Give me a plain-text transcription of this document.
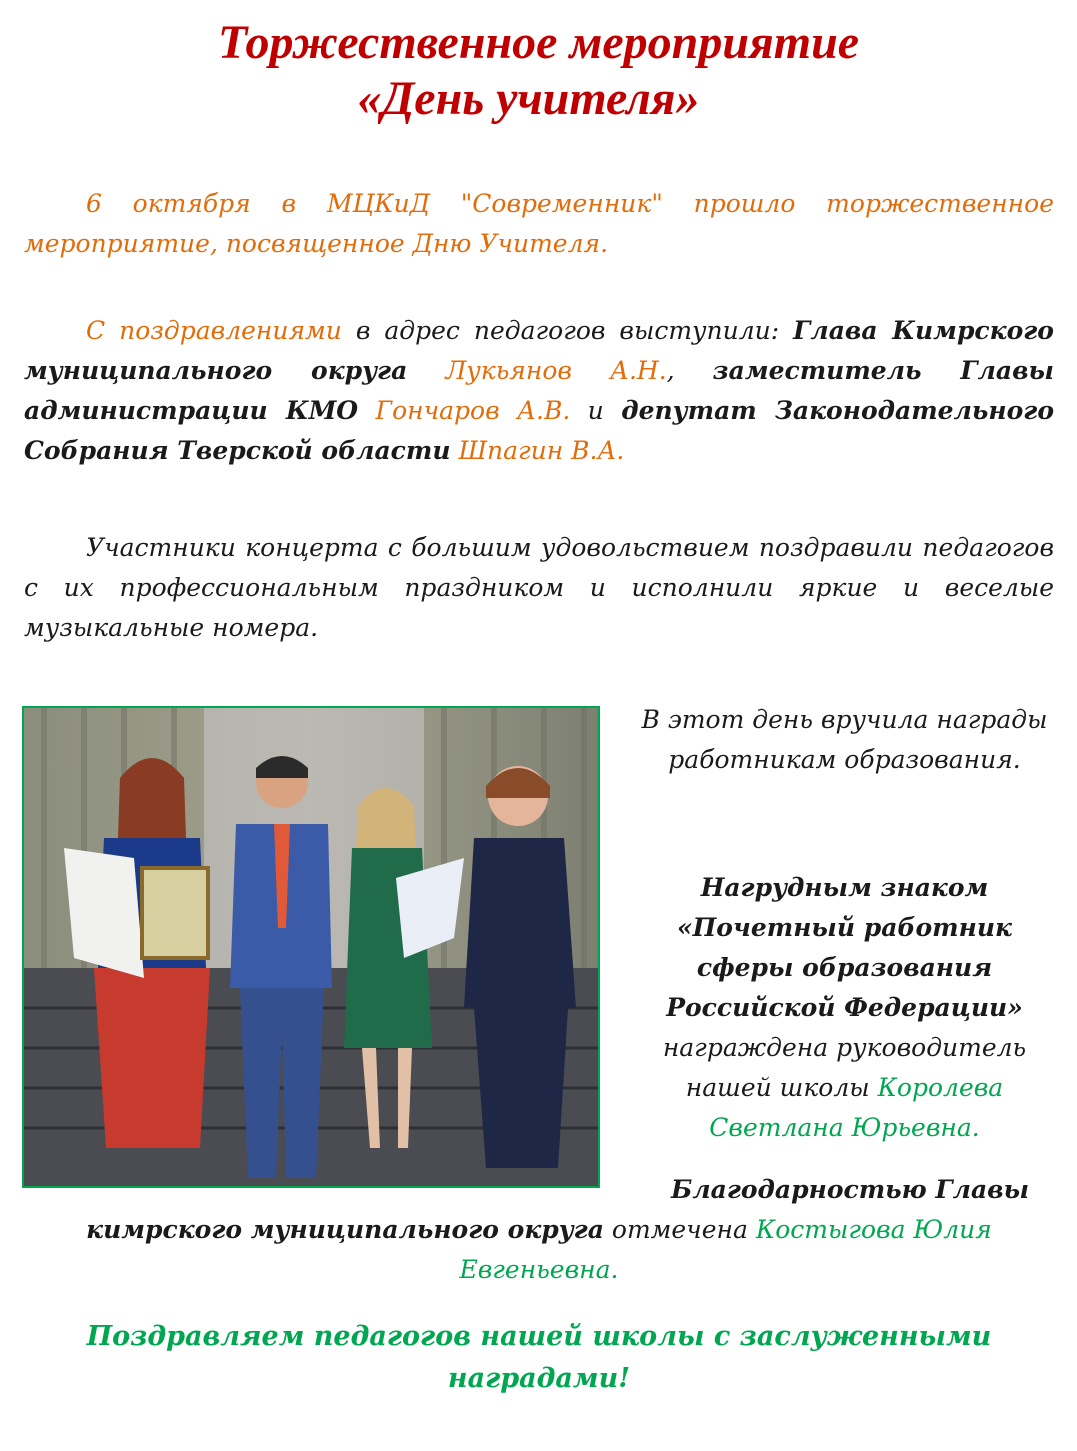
Торжественное мероприятие
«День учителя»

6 октября в МЦКиД "Современник" прошло торжественное мероприятие, посвященное Дню Учителя.

С поздравлениями в адрес педагогов выступили: Глава Кимрского муниципального округа Лукьянов А.Н., заместитель Главы администрации КМО Гончаров А.В. и депутат Законодательного Собрания Тверской области Шпагин В.А.

Участники концерта с большим удовольствием поздравили педагогов с их профессиональным праздником и исполнили яркие и веселые музыкальные номера.

В этот день вручила награды работникам образования.

Нагрудным знаком «Почетный работник сферы образования Российской Федерации» награждена руководитель нашей школы Королева Светлана Юрьевна.

Благодарностью Главы

кимрского муниципального округа отмечена Костыгова Юлия Евгеньевна.

Поздравляем педагогов нашей школы с заслуженными наградами!
